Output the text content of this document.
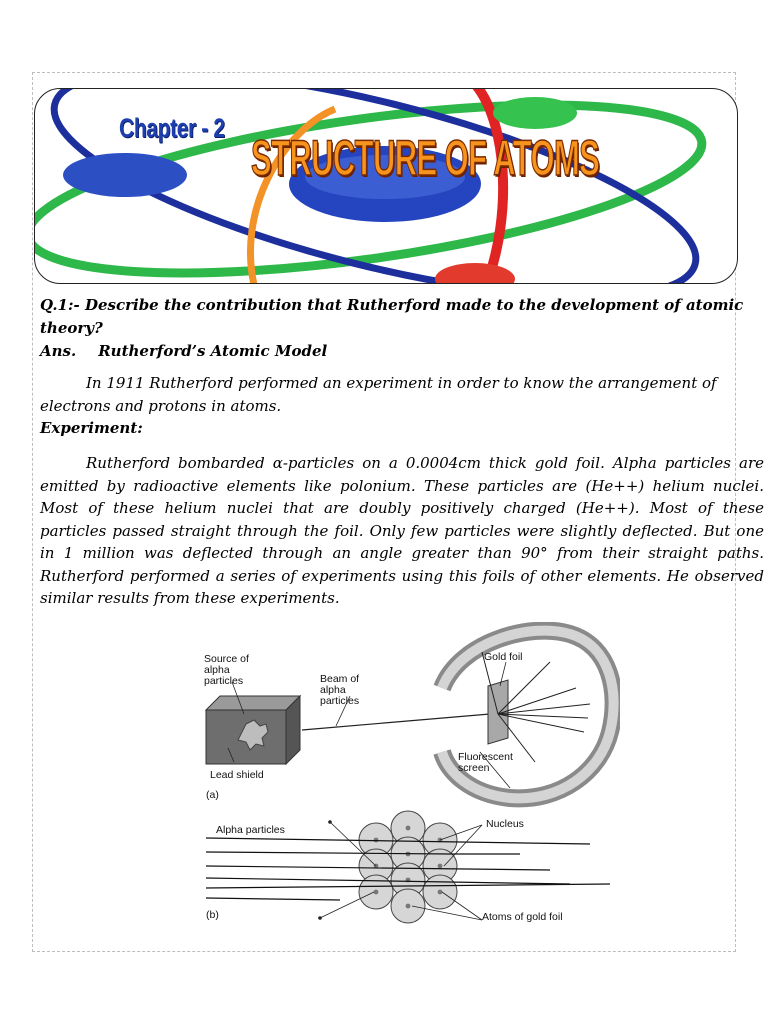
Chapter - 2
STRUCTURE OF ATOMS
Q.1:- Describe the contribution that Rutherford made to the development of atomic theory?
Ans. Rutherford’s Atomic Model
In 1911 Rutherford performed an experiment in order to know the arrangement of electrons and protons in atoms.
Experiment:
Rutherford bombarded α-particles on a 0.0004cm thick gold foil. Alpha particles are emitted by radioactive elements like polonium. These particles are (He++) helium nuclei. Most of these helium nuclei that are doubly positively charged (He++). Most of these particles passed straight through the foil. Only few particles were slightly deflected. But one in 1 million was deflected through an angle greater than 90° from their straight paths. Rutherford performed a series of experiments using this foils of other elements. He observed similar results from these experiments.
Source of
alpha
particles	Beam of
alpha
particles
Gold foil
Fluorescent
screen
Lead shield
(a)
Alpha particles	Nucleus
Atoms of gold foil
(b)
